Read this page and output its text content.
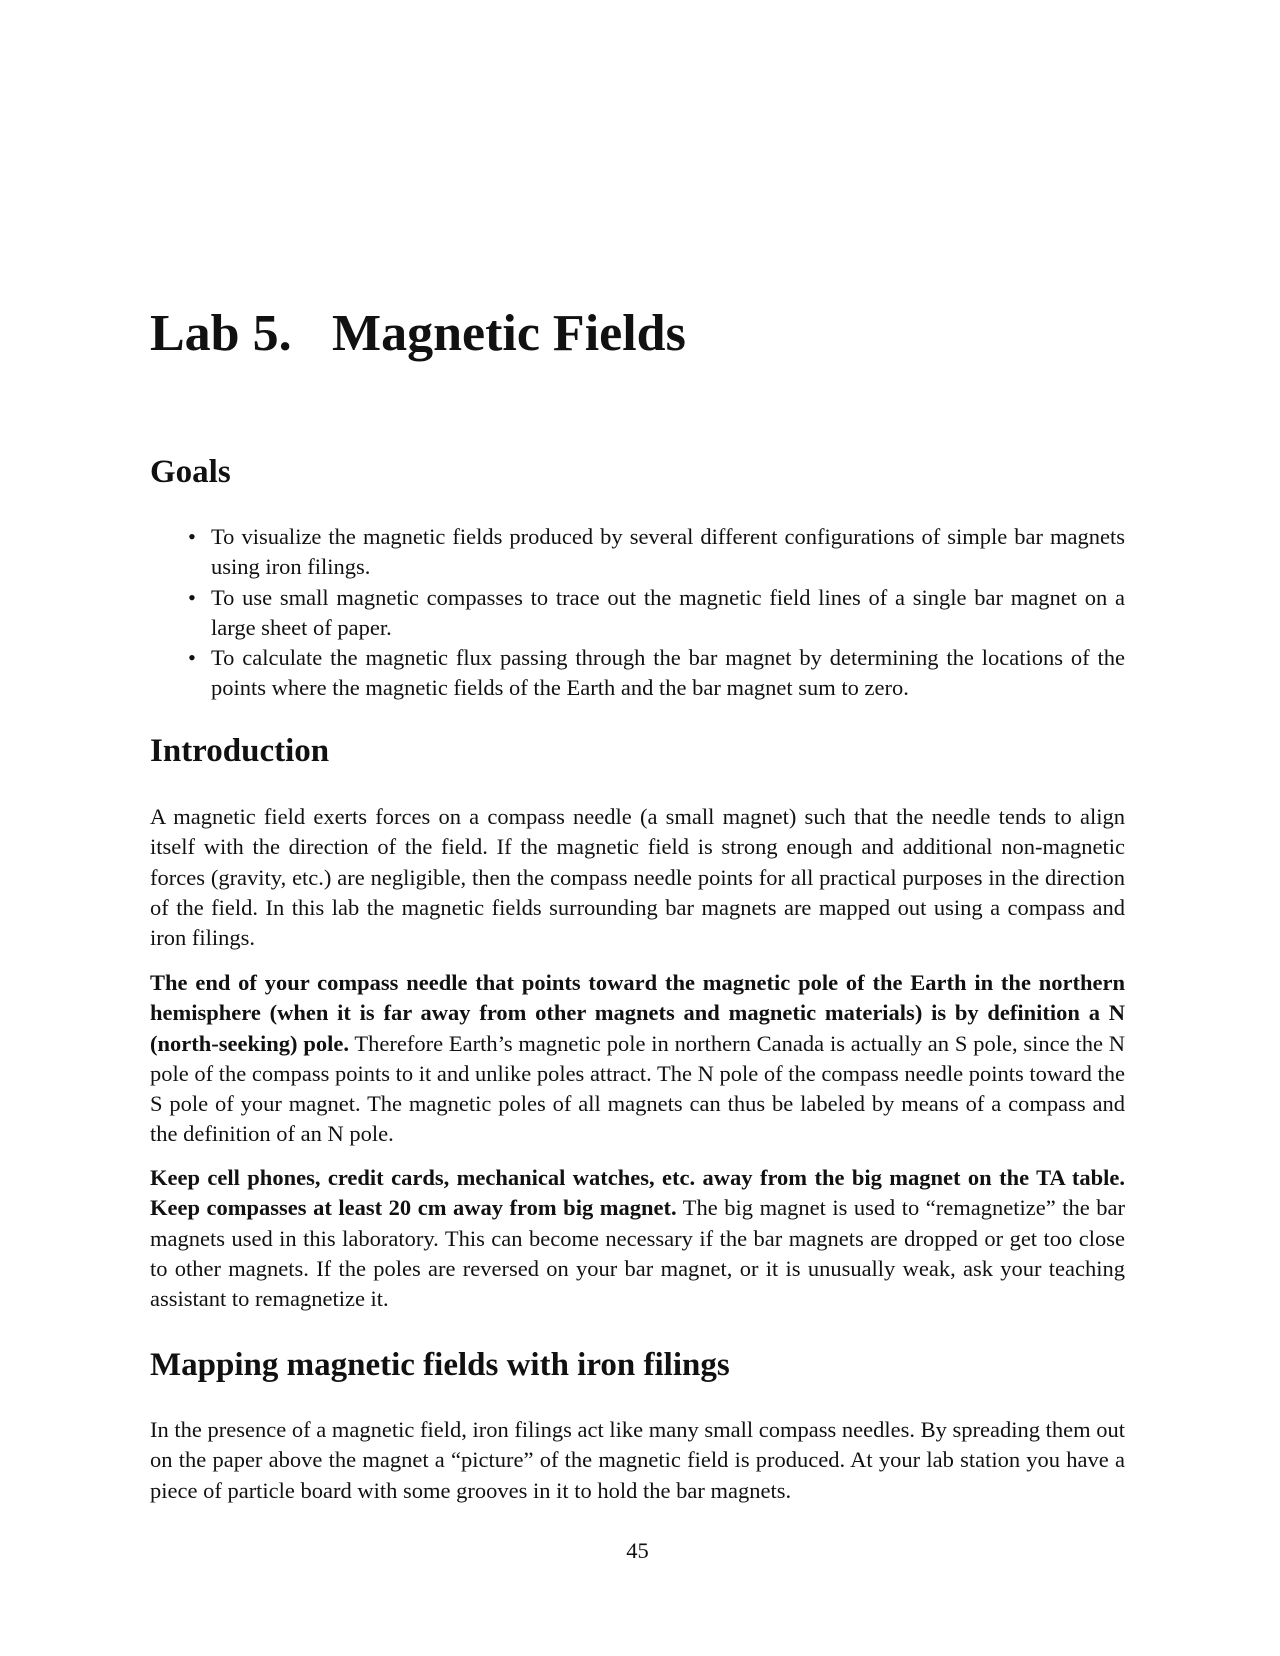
Lab 5. Magnetic Fields
Goals
• To visualize the magnetic fields produced by several different configurations of simple bar magnets using iron filings.
• To use small magnetic compasses to trace out the magnetic field lines of a single bar magnet on a large sheet of paper.
• To calculate the magnetic flux passing through the bar magnet by determining the locations of the points where the magnetic fields of the Earth and the bar magnet sum to zero.
Introduction

A magnetic field exerts forces on a compass needle (a small magnet) such that the needle tends to align itself with the direction of the field. If the magnetic field is strong enough and additional non-magnetic forces (gravity, etc.) are negligible, then the compass needle points for all practical purposes in the direction of the field. In this lab the magnetic fields surrounding bar magnets are mapped out using a compass and iron filings.

The end of your compass needle that points toward the magnetic pole of the Earth in the northern hemisphere (when it is far away from other magnets and magnetic materials) is by definition a N (north-seeking) pole. Therefore Earth’s magnetic pole in northern Canada is actually an S pole, since the N pole of the compass points to it and unlike poles attract. The N pole of the compass needle points toward the S pole of your magnet. The magnetic poles of all magnets can thus be labeled by means of a compass and the definition of an N pole.

Keep cell phones, credit cards, mechanical watches, etc. away from the big magnet on the TA table. Keep compasses at least 20 cm away from big magnet. The big magnet is used to “remagnetize” the bar magnets used in this laboratory. This can become necessary if the bar magnets are dropped or get too close to other magnets. If the poles are reversed on your bar magnet, or it is unusually weak, ask your teaching assistant to remagnetize it.

Mapping magnetic fields with iron filings

In the presence of a magnetic field, iron filings act like many small compass needles. By spreading them out on the paper above the magnet a “picture” of the magnetic field is produced. At your lab station you have a piece of particle board with some grooves in it to hold the bar magnets.

45
